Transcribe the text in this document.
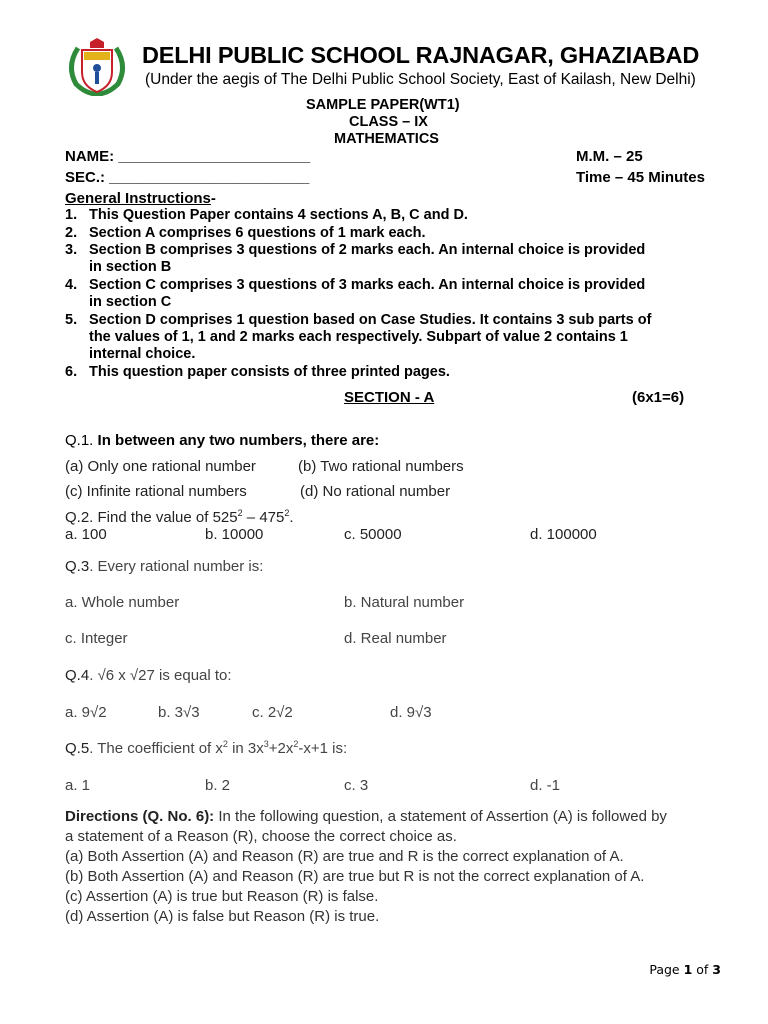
DELHI PUBLIC SCHOOL RAJNAGAR, GHAZIABAD
(Under the aegis of The Delhi Public School Society, East of Kailash, New Delhi)
SAMPLE PAPER(WT1)
CLASS – IX
MATHEMATICS
NAME: _______________________
SEC.: ________________________
M.M. – 25
Time – 45 Minutes
General Instructions-
1. This Question Paper contains 4 sections A, B, C and D.
2. Section A comprises 6 questions of 1 mark each.
3. Section B comprises 3 questions of 2 marks each. An internal choice is provided
in section B
4. Section C comprises 3 questions of 3 marks each. An internal choice is provided
in section C
5. Section D comprises 1 question based on Case Studies. It contains 3 sub parts of
the values of 1, 1 and 2 marks each respectively. Subpart of value 2 contains 1
internal choice.
6. This question paper consists of three printed pages.
SECTION - A	(6x1=6)
Q.1. In between any two numbers, there are:
(a) Only one rational number	(b) Two rational numbers
(c) Infinite rational numbers	(d) No rational number
Q.2. Find the value of $525^2 - 475^2$.
a. 100	b. 10000	c. 50000	d. 100000
Q.3. Every rational number is:
a. Whole number	b. Natural number
c. Integer	d. Real number
Q.4. √6 x √27 is equal to:
a. 9√2	b. 3√3	c. 2√2	d. 9√3
Q.5. The coefficient of $x^2$ in $3x^3+2x^2-x+1$ is:
a. 1	b. 2	c. 3	d. -1
Directions (Q. No. 6): In the following question, a statement of Assertion (A) is followed by
a statement of a Reason (R), choose the correct choice as.
(a) Both Assertion (A) and Reason (R) are true and R is the correct explanation of A.
(b) Both Assertion (A) and Reason (R) are true but R is not the correct explanation of A.
(c) Assertion (A) is true but Reason (R) is false.
(d) Assertion (A) is false but Reason (R) is true.
Page 1 of 3
